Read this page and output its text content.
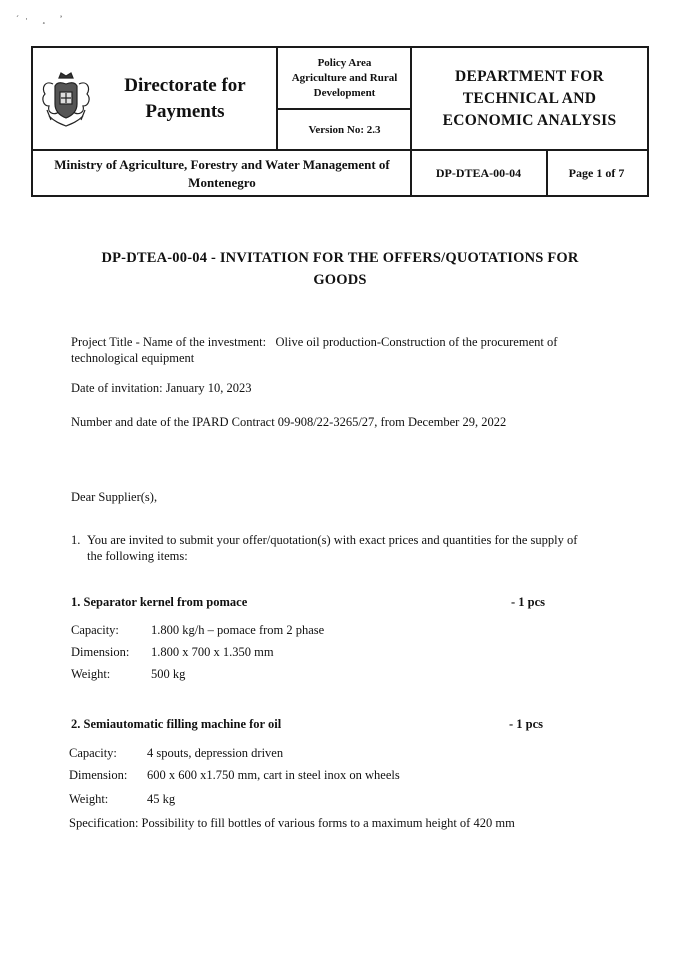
´· ¸ ʼ
Directorate for
Payments
Policy Area
Agriculture and Rural
Development
Version No: 2.3
DEPARTMENT FOR
TECHNICAL AND
ECONOMIC ANALYSIS
Ministry of Agriculture, Forestry and Water Management of
Montenegro
DP-DTEA-00-04	Page 1 of 7
DP-DTEA-00-04 - INVITATION FOR THE OFFERS/QUOTATIONS FOR
GOODS
Project Title - Name of the investment: Olive oil production-Construction of the procurement of
technological equipment
Date of invitation: January 10, 2023
Number and date of the IPARD Contract 09-908/22-3265/27, from December 29, 2022
Dear Supplier(s),
1. You are invited to submit your offer/quotation(s) with exact prices and quantities for the supply of
the following items:
1. Separator kernel from pomace	- 1 pcs
Capacity:	1.800 kg/h – pomace from 2 phase
Dimension: 1.800 x 700 x 1.350 mm
Weight:	500 kg
2. Semiautomatic filling machine for oil	- 1 pcs
Capacity: 4 spouts, depression driven
Dimension: 600 x 600 x1.750 mm, cart in steel inox on wheels
Weight:	45 kg
Specification: Possibility to fill bottles of various forms to a maximum height of 420 mm
